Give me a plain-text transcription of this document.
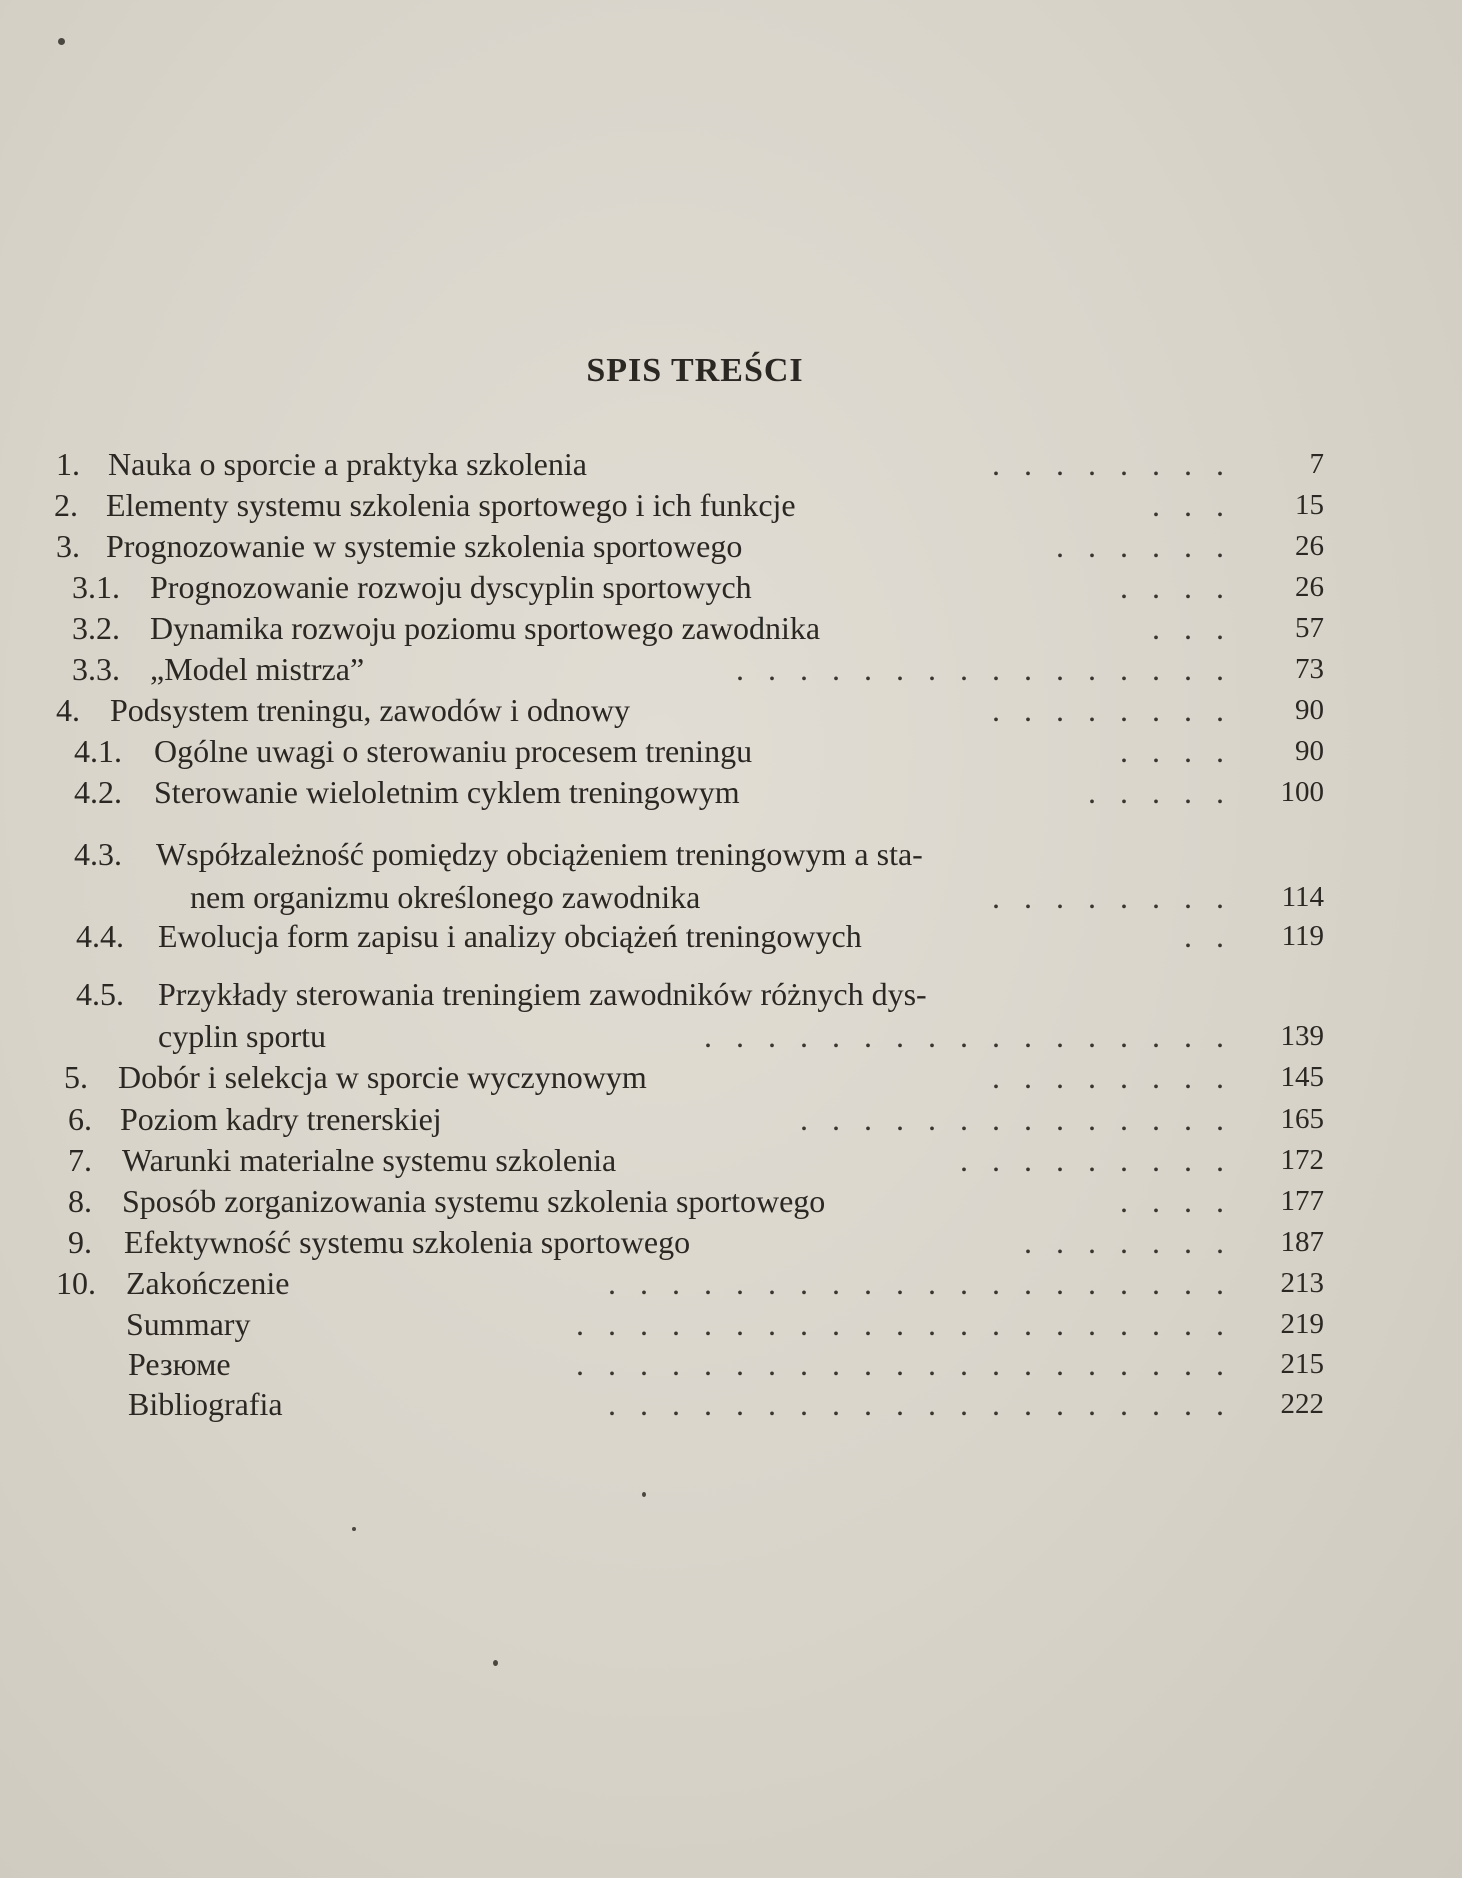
SPIS TREŚCI
1. Nauka o sporcie a praktyka szkolenia	. . . . . . . .	7
2. Elementy systemu szkolenia sportowego i ich funkcje	. . .	15
3. Prognozowanie w systemie szkolenia sportowego	. . . . . .	26
3.1. Prognozowanie rozwoju dyscyplin sportowych	. . . .	26
3.2. Dynamika rozwoju poziomu sportowego zawodnika	. . .	57
3.3. „Model mistrza”	. . . . . . . . . . . . . . . .	73
4. Podsystem treningu, zawodów i odnowy	. . . . . . . .	90
4.1. Ogólne uwagi o sterowaniu procesem treningu	. . . .	90
4.2. Sterowanie wieloletnim cyklem treningowym	. . . . .	100
4.3. Współzależność pomiędzy obciążeniem treningowym a sta-
nem organizmu określonego zawodnika	. . . . . . . .	114
4.4. Ewolucja form zapisu i analizy obciążeń treningowych	. .	119
4.5. Przykłady sterowania treningiem zawodników różnych dys-
cyplin sportu	. . . . . . . . . . . . . . . . .	139
5. Dobór i selekcja w sporcie wyczynowym	. . . . . . . .	145
6. Poziom kadry trenerskiej	. . . . . . . . . . . . . .	165
7. Warunki materialne systemu szkolenia	. . . . . . . . .	172
8. Sposób zorganizowania systemu szkolenia sportowego	. . . .	177
9. Efektywność systemu szkolenia sportowego	. . . . . . .	187
10. Zakończenie	. . . . . . . . . . . . . . . . . . . .	213
Summary	. . . . . . . . . . . . . . . . . . . . .	219
Резюме	. . . . . . . . . . . . . . . . . . . . .	215
Bibliografia	. . . . . . . . . . . . . . . . . . . .	222
